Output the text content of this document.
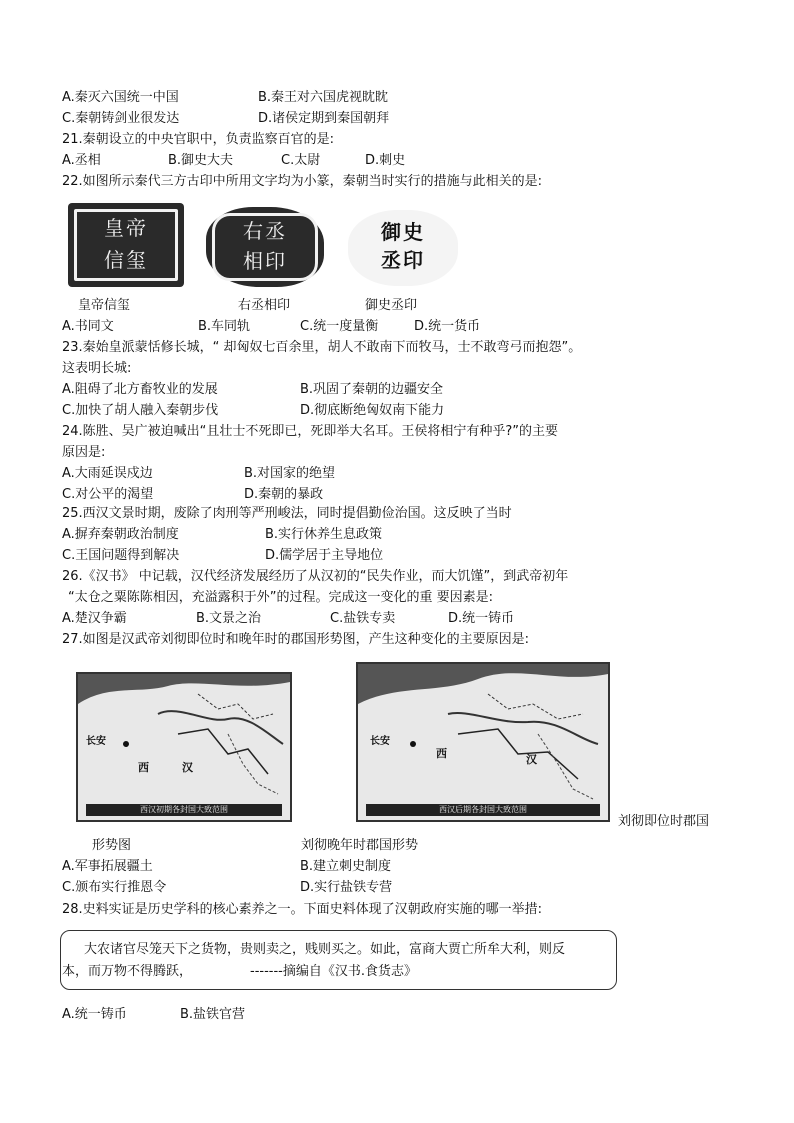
A.秦灭六国统一中国	B.秦王对六国虎视眈眈
C.秦朝铸剑业很发达	D.诸侯定期到秦国朝拜
21.秦朝设立的中央官职中，负责监察百官的是:
A.丞相	B.御史大夫	C.太尉	D.刺史
22.如图所示秦代三方古印中所用文字均为小篆，秦朝当时实行的措施与此相关的是:
皇帝信玺
右丞相印
御史丞印
皇帝信玺	右丞相印	御史丞印
A.书同文	B.车同轨	C.统一度量衡	D.统一货币
23.秦始皇派蒙恬修长城，“ 却匈奴七百余里，胡人不敢南下而牧马，士不敢弯弓而抱怨”。
这表明长城:
A.阻碍了北方畜牧业的发展	B.巩固了秦朝的边疆安全
C.加快了胡人融入秦朝步伐	D.彻底断绝匈奴南下能力
24.陈胜、吴广被迫喊出“且壮士不死即已，死即举大名耳。王侯将相宁有种乎?”的主要
原因是:
A.大雨延误戍边	B.对国家的绝望
C.对公平的渴望	D.秦朝的暴政
25.西汉文景时期，废除了肉刑等严刑峻法，同时提倡勤俭治国。这反映了当时
A.摒弃秦朝政治制度	B.实行休养生息政策
C.王国问题得到解决	D.儒学居于主导地位
26.《汉书》 中记载，汉代经济发展经历了从汉初的“民失作业，而大饥馑”，到武帝初年
“太仓之粟陈陈相因，充溢露积于外”的过程。完成这一变化的重 要因素是:
A.楚汉争霸	B.文景之治	C.盐铁专卖	D.统一铸币
27.如图是汉武帝刘彻即位时和晚年时的郡国形势图，产生这种变化的主要原因是:
长安
西	汉
西汉初期各封国大致范围
长安
西	汉
西汉后期各封国大致范围
刘彻即位时郡国
形势图	刘彻晚年时郡国形势
A.军事拓展疆土	B.建立刺史制度
C.颁布实行推恩令	D.实行盐铁专营
28.史料实证是历史学科的核心素养之一。下面史料体现了汉朝政府实施的哪一举措:
大农诸官尽笼天下之货物，贵则卖之，贱则买之。如此，富商大贾亡所牟大利，则反
本，而万物不得腾跃，	-------摘编自《汉书.食货志》
A.统一铸币	B.盐铁官营
